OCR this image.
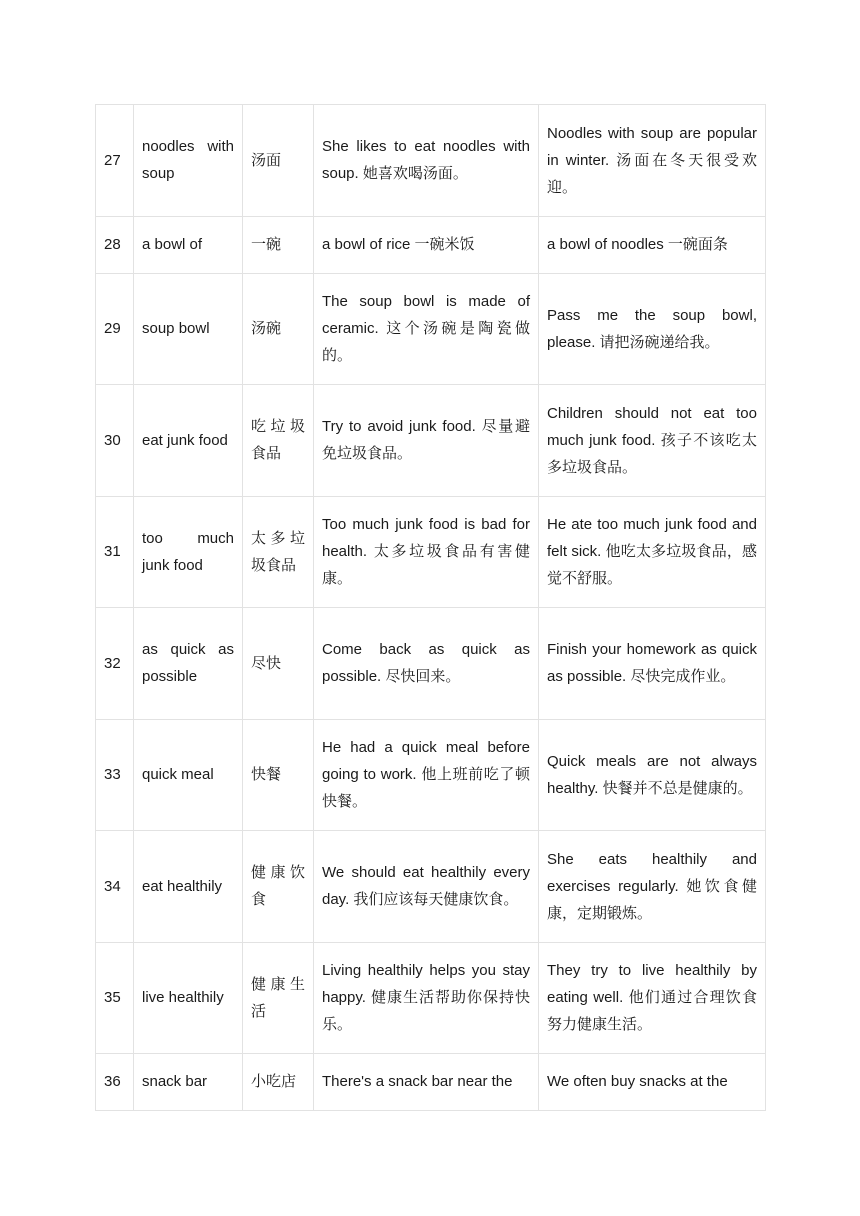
27	noodles with soup	汤面	She likes to eat noodles with soup. 她喜欢喝汤面。	Noodles with soup are popular in winter. 汤面在冬天很受欢迎。
28	a bowl of	一碗	a bowl of rice 一碗米饭	a bowl of noodles 一碗面条
29	soup bowl	汤碗	The soup bowl is made of ceramic. 这个汤碗是陶瓷做的。	Pass me the soup bowl, please. 请把汤碗递给我。
30	eat junk food	吃垃圾食品	Try to avoid junk food. 尽量避免垃圾食品。	Children should not eat too much junk food. 孩子不该吃太多垃圾食品。
31	too much junk food	太多垃圾食品	Too much junk food is bad for health. 太多垃圾食品有害健康。	He ate too much junk food and felt sick. 他吃太多垃圾食品，感觉不舒服。
32	as quick as possible	尽快	Come back as quick as possible. 尽快回来。	Finish your homework as quick as possible. 尽快完成作业。
33	quick meal	快餐	He had a quick meal before going to work. 他上班前吃了顿快餐。	Quick meals are not always healthy. 快餐并不总是健康的。
34	eat healthily	健康饮食	We should eat healthily every day. 我们应该每天健康饮食。	She eats healthily and exercises regularly. 她饮食健康，定期锻炼。
35	live healthily	健康生活	Living healthily helps you stay happy. 健康生活帮助你保持快乐。	They try to live healthily by eating well. 他们通过合理饮食努力健康生活。
36	snack bar	小吃店	There's a snack bar near the	We often buy snacks at the
